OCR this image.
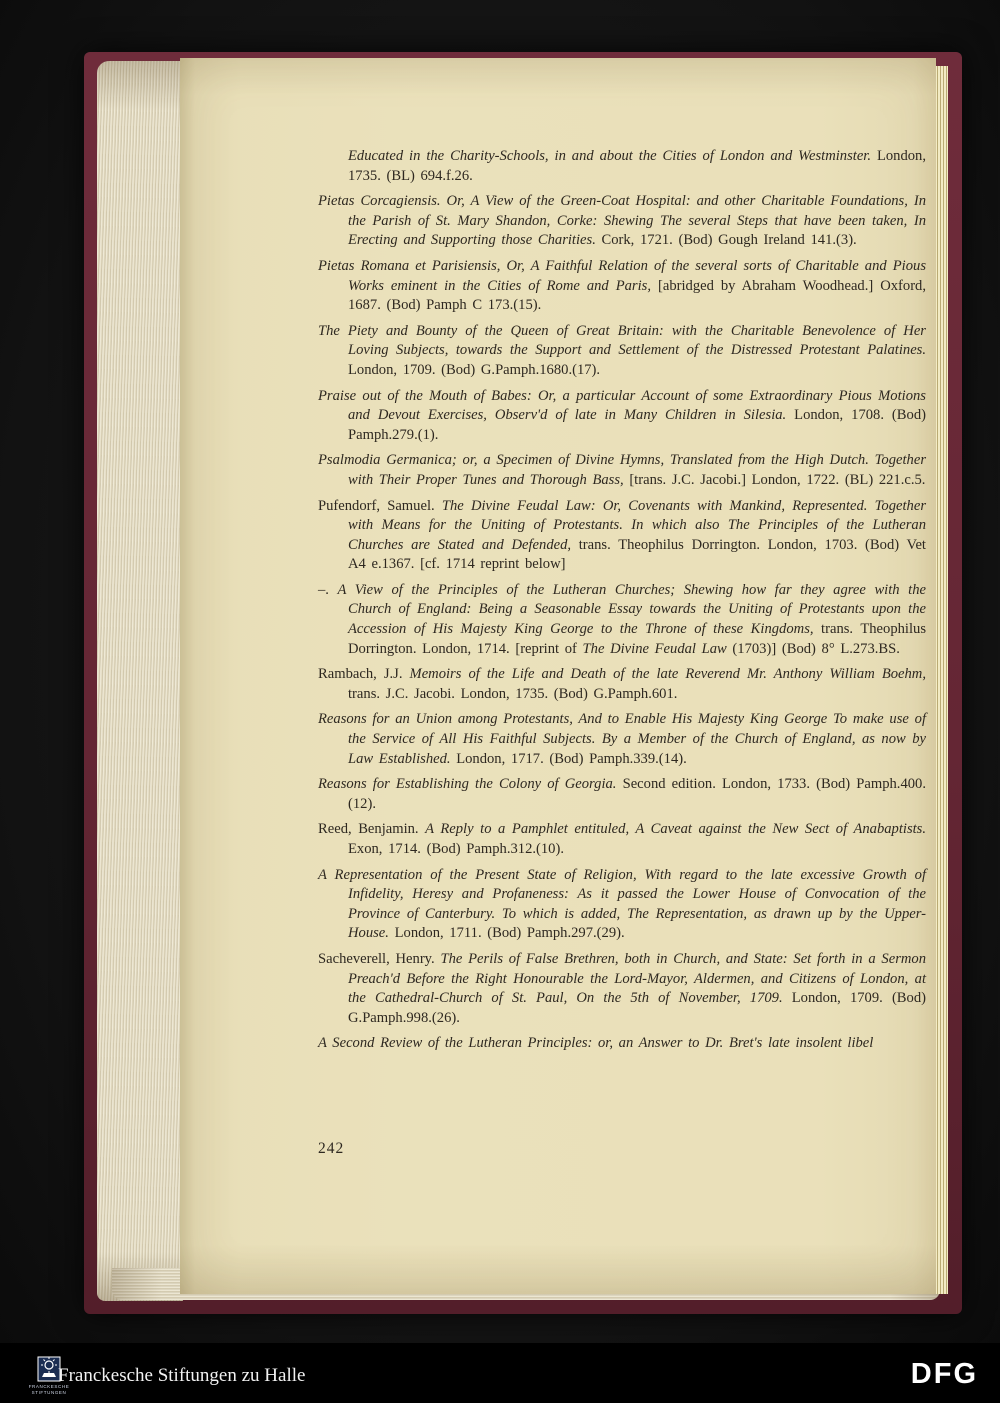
Educated in the Charity-Schools, in and about the Cities of London and Westminster. London, 1735. (BL) 694.f.26.

Pietas Corcagiensis. Or, A View of the Green-Coat Hospital: and other Charitable Foundations, In the Parish of St. Mary Shandon, Corke: Shewing The several Steps that have been taken, In Erecting and Supporting those Charities. Cork, 1721. (Bod) Gough Ireland 141.(3).

Pietas Romana et Parisiensis, Or, A Faithful Relation of the several sorts of Charitable and Pious Works eminent in the Cities of Rome and Paris, [abridged by Abraham Woodhead.] Oxford, 1687. (Bod) Pamph C 173.(15).

The Piety and Bounty of the Queen of Great Britain: with the Charitable Benevolence of Her Loving Subjects, towards the Support and Settlement of the Distressed Protestant Palatines. London, 1709. (Bod) G.Pamph.1680.(17).

Praise out of the Mouth of Babes: Or, a particular Account of some Extraordinary Pious Motions and Devout Exercises, Observ'd of late in Many Children in Silesia. London, 1708. (Bod) Pamph.279.(1).

Psalmodia Germanica; or, a Specimen of Divine Hymns, Translated from the High Dutch. Together with Their Proper Tunes and Thorough Bass, [trans. J.C. Jacobi.] London, 1722. (BL) 221.c.5.

Pufendorf, Samuel. The Divine Feudal Law: Or, Covenants with Mankind, Represented. Together with Means for the Uniting of Protestants. In which also The Principles of the Lutheran Churches are Stated and Defended, trans. Theophilus Dorrington. London, 1703. (Bod) Vet A4 e.1367. [cf. 1714 reprint below]

–. A View of the Principles of the Lutheran Churches; Shewing how far they agree with the Church of England: Being a Seasonable Essay towards the Uniting of Protestants upon the Accession of His Majesty King George to the Throne of these Kingdoms, trans. Theophilus Dorrington. London, 1714. [reprint of The Divine Feudal Law (1703)] (Bod) 8° L.273.BS.

Rambach, J.J. Memoirs of the Life and Death of the late Reverend Mr. Anthony William Boehm, trans. J.C. Jacobi. London, 1735. (Bod) G.Pamph.601.

Reasons for an Union among Protestants, And to Enable His Majesty King George To make use of the Service of All His Faithful Subjects. By a Member of the Church of England, as now by Law Established. London, 1717. (Bod) Pamph.339.(14).

Reasons for Establishing the Colony of Georgia. Second edition. London, 1733. (Bod) Pamph.400.(12).

Reed, Benjamin. A Reply to a Pamphlet entituled, A Caveat against the New Sect of Anabaptists. Exon, 1714. (Bod) Pamph.312.(10).

A Representation of the Present State of Religion, With regard to the late excessive Growth of Infidelity, Heresy and Profaneness: As it passed the Lower House of Convocation of the Province of Canterbury. To which is added, The Representation, as drawn up by the Upper-House. London, 1711. (Bod) Pamph.297.(29).

Sacheverell, Henry. The Perils of False Brethren, both in Church, and State: Set forth in a Sermon Preach'd Before the Right Honourable the Lord-Mayor, Aldermen, and Citizens of London, at the Cathedral-Church of St. Paul, On the 5th of November, 1709. London, 1709. (Bod) G.Pamph.998.(26).

A Second Review of the Lutheran Principles: or, an Answer to Dr. Bret's late insolent libel

242
FRANCKESCHE
STIFTUNGEN
Franckesche Stiftungen zu Halle	DFG
